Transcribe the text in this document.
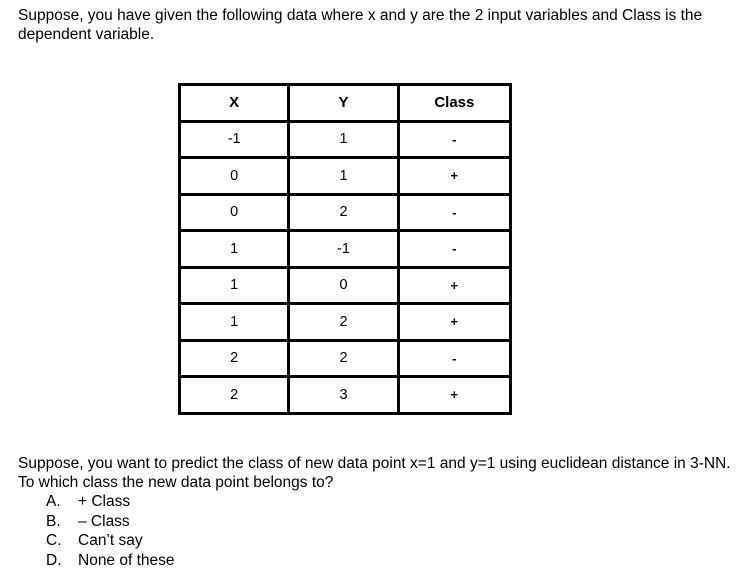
Suppose, you have given the following data where x and y are the 2 input variables and Class is the dependent variable.

X	Y	Class
-1	1	-
0	1	+
0	2	-
1	-1	-
1	0	+
1	2	+
2	2	-
2	3	+

Suppose, you want to predict the class of new data point x=1 and y=1 using euclidean distance in 3-NN. To which class the new data point belongs to?

A.	+ Class
B.	– Class
C.	Can’t say
D.	None of these
